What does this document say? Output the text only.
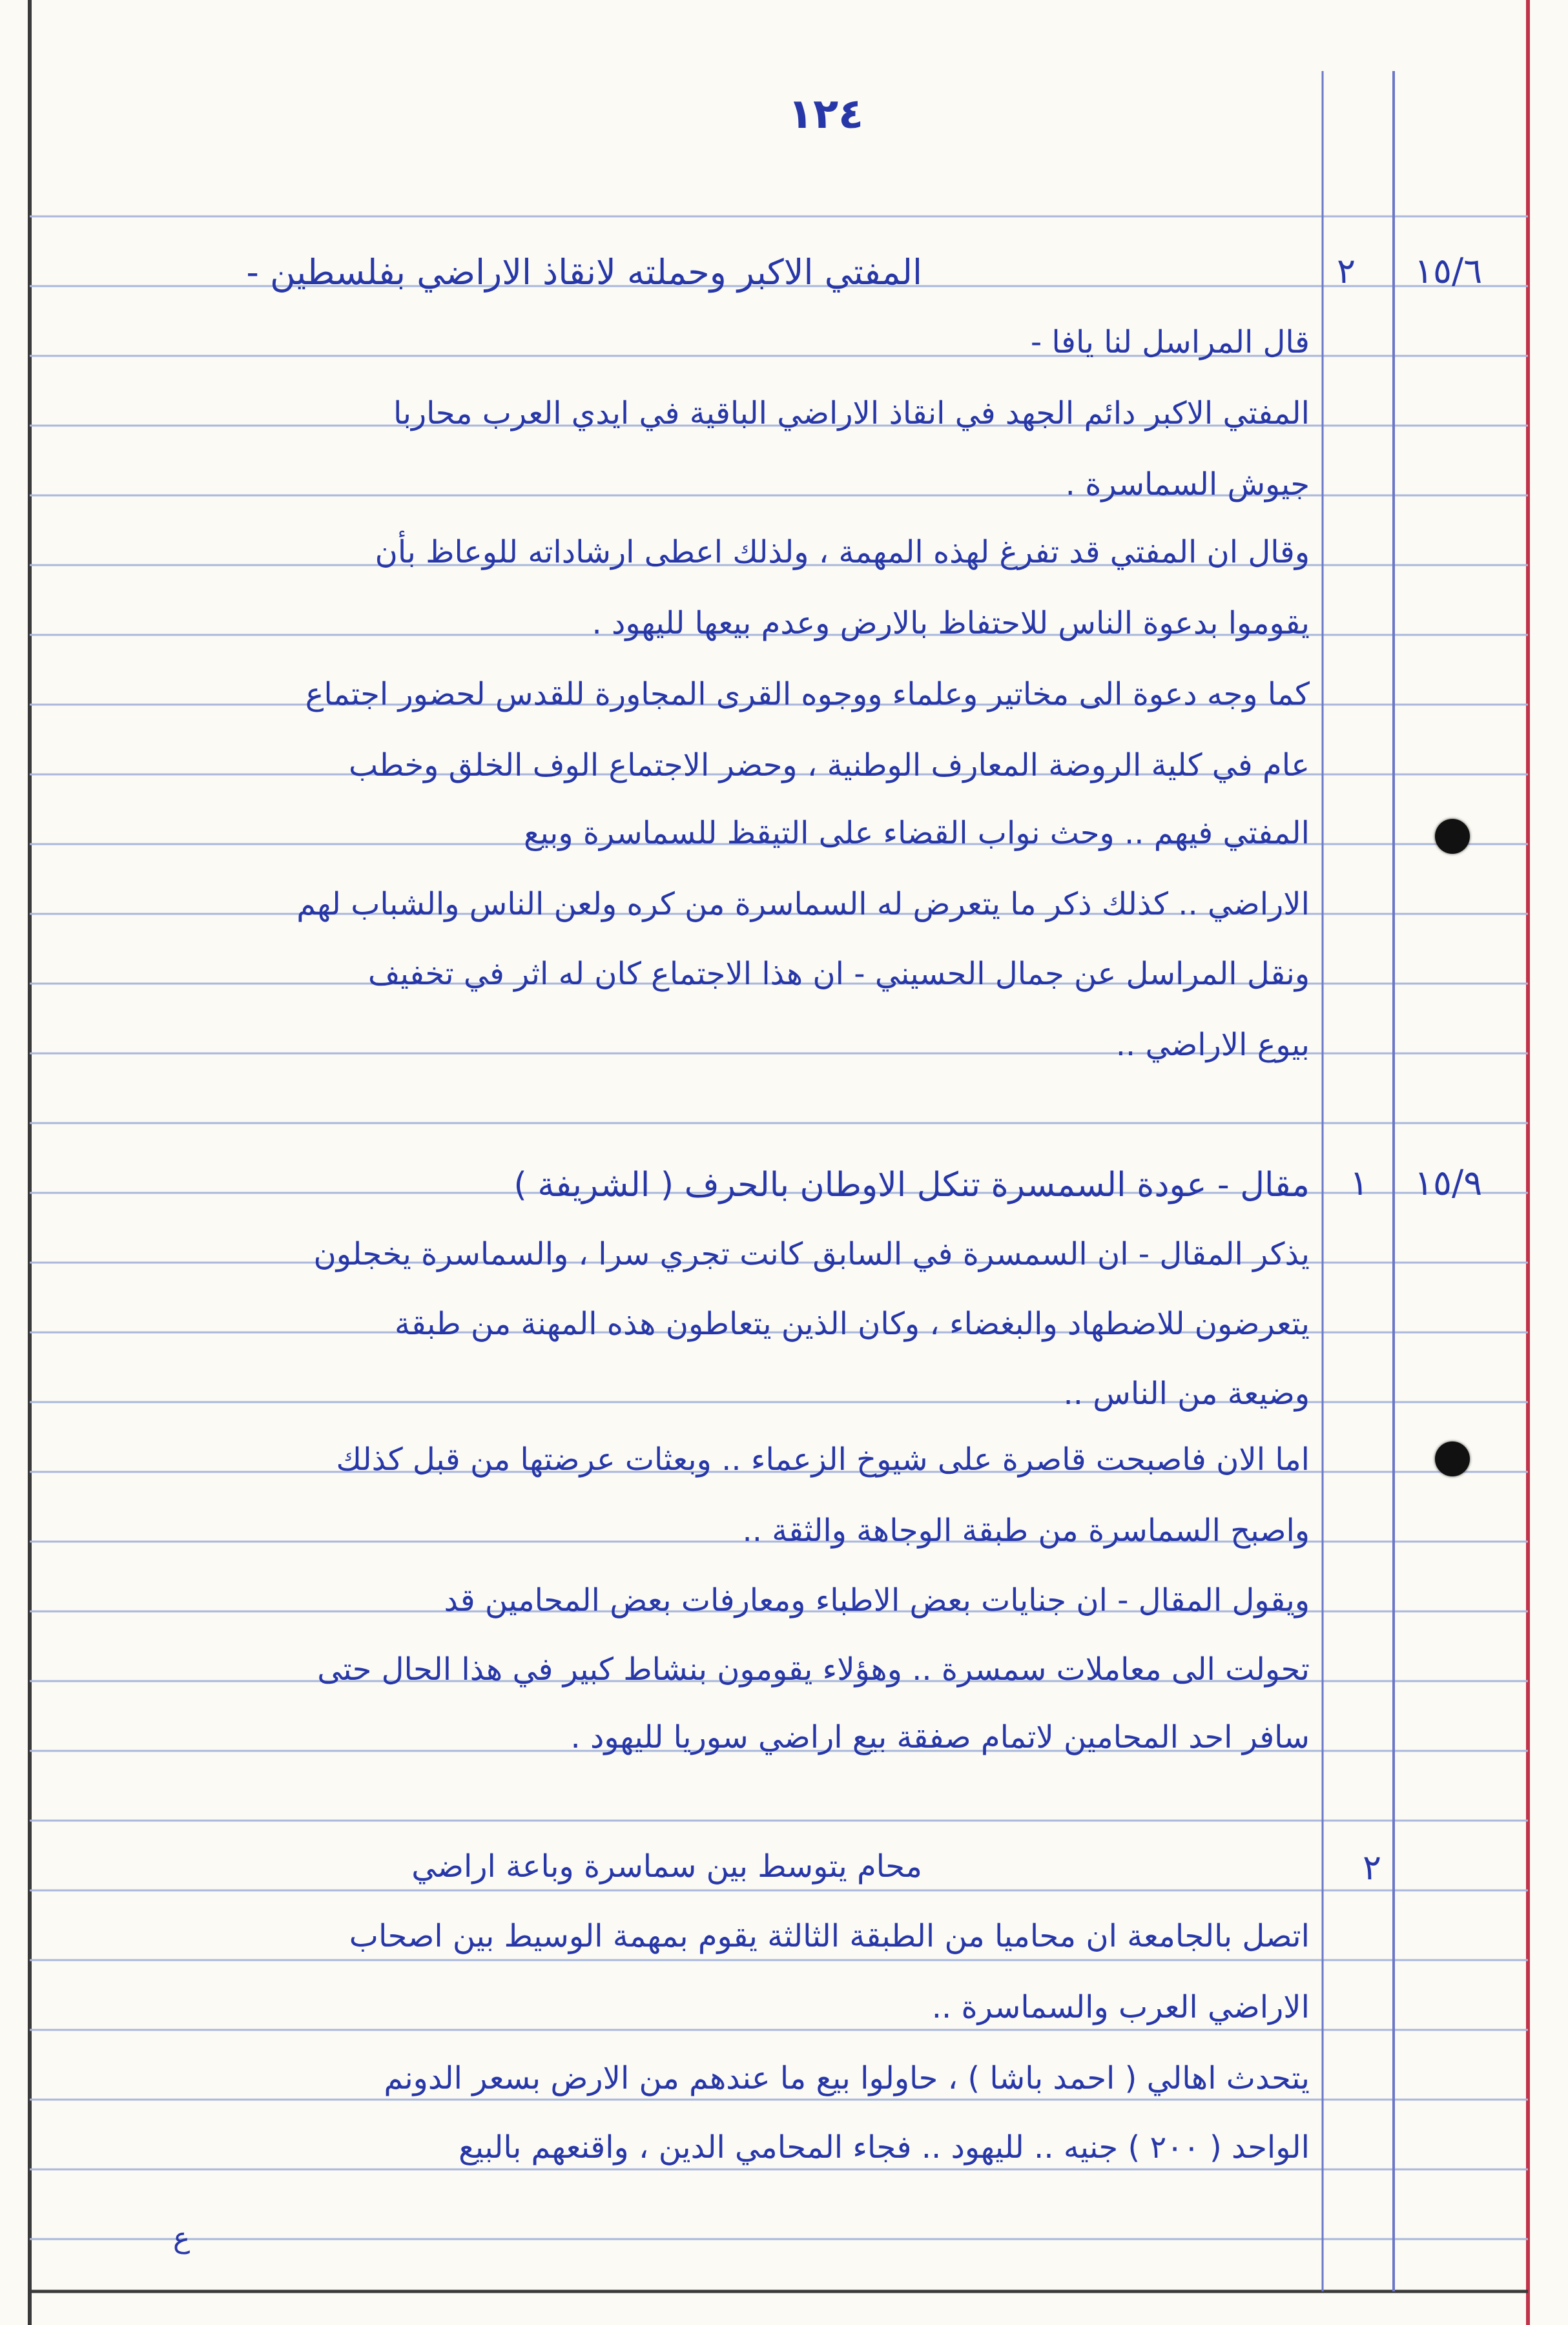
١٢٤
١٥/٦
٢
المفتي الاكبر وحملته لانقاذ الاراضي بفلسطين -
قال المراسل لنا يافا -
المفتي الاكبر دائم الجهد في انقاذ الاراضي الباقية في ايدي العرب محاربا
جيوش السماسرة .
وقال ان المفتي قد تفرغ لهذه المهمة ، ولذلك اعطى ارشاداته للوعاظ بأن
يقوموا بدعوة الناس للاحتفاظ بالارض وعدم بيعها لليهود .
كما وجه دعوة الى مخاتير وعلماء ووجوه القرى المجاورة للقدس لحضور اجتماع
عام في كلية الروضة المعارف الوطنية ، وحضر الاجتماع الوف الخلق وخطب
المفتي فيهم .. وحث نواب القضاء على التيقظ للسماسرة وبيع
الاراضي .. كذلك ذكر ما يتعرض له السماسرة من كره ولعن الناس والشباب لهم
ونقل المراسل عن جمال الحسيني - ان هذا الاجتماع كان له اثر في تخفيف
بيوع الاراضي ..
١٥/٩
١
مقال - عودة السمسرة تنكل الاوطان بالحرف ( الشريفة )
يذكر المقال - ان السمسرة في السابق كانت تجري سرا ، والسماسرة يخجلون
يتعرضون للاضطهاد والبغضاء ، وكان الذين يتعاطون هذه المهنة من طبقة
وضيعة من الناس ..
اما الان فاصبحت قاصرة على شيوخ الزعماء .. وبعثات عرضتها من قبل كذلك
واصبح السماسرة من طبقة الوجاهة والثقة ..
ويقول المقال - ان جنايات بعض الاطباء ومعارفات بعض المحامين قد
تحولت الى معاملات سمسرة .. وهؤلاء يقومون بنشاط كبير في هذا الحال حتى
سافر احد المحامين لاتمام صفقة بيع اراضي سوريا لليهود .
٢
محام يتوسط بين سماسرة وباعة اراضي
اتصل بالجامعة ان محاميا من الطبقة الثالثة يقوم بمهمة الوسيط بين اصحاب
الاراضي العرب والسماسرة ..
يتحدث اهالي ( احمد باشا ) ، حاولوا بيع ما عندهم من الارض بسعر الدونم
الواحد ( ٢٠٠ ) جنيه .. لليهود .. فجاء المحامي الدين ، واقنعهم بالبيع
ع
